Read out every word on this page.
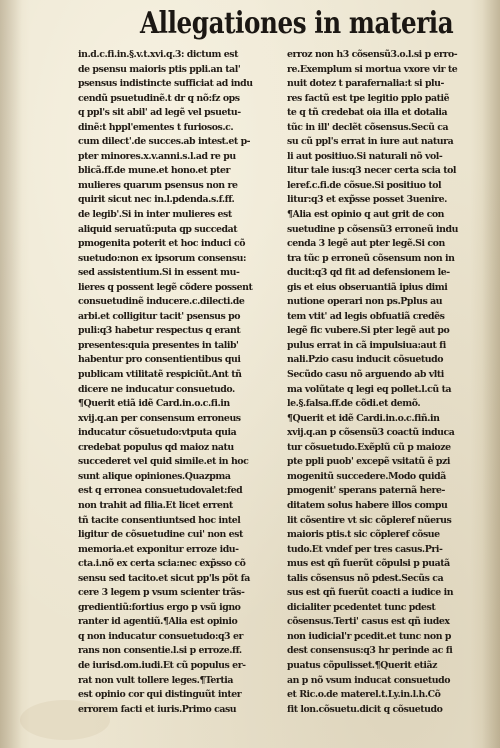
Allegationes in materia
in.d.c.fi.in.§.v.t.xvi.q.3: dictum est
de psensu maioris ptis ppli.an tal'
psensus indistincte sufficiat ad indu
cendũ psuetudinẽ.t dr q nõ:fz ops
q ppl's sit abil' ad legẽ vel psuetu-
dinẽ:t hppl'ementes t furiosos.c.
cum dilect'.de succes.ab intest.et p-
pter minores.x.v.anni.s.l.ad re pu
blicã.ff.de mune.et hono.et pter
mulieres quarum psensus non re
quirit sicut nec in.l.pdenda.s.f.ff.
de legib'.Si in inter mulieres est
aliquid seruatũ:puta qp succedat
pmogenita poterit et hoc induci cõ
suetudo:non ex ipsorum consensu:
sed assistentium.Si in essent mu-
lieres q possent legẽ cõdere possent
consuetudinẽ inducere.c.dilecti.de
arbi.et colligitur tacit' psensus po
puli:q3 habetur respectus q erant
presentes:quia presentes in talib'
habentur pro consentientibus qui
publicam vtilitatẽ respiciũt.Ant tñ
dicere ne inducatur consuetudo.
¶Querit etiã idẽ Card.in.o.c.fi.in
xvij.q.an per consensum erroneus
inducatur cõsuetudo:vtputa quia
credebat populus qd maioz natu
succederet vel quid simile.et in hoc
sunt alique opiniones.Quazpma
est q erronea consuetudovalet:fed
non trahit ad filia.Et licet errent
tñ tacite consentiuntsed hoc intel
ligitur de cõsuetudine cui' non est
memoria.et exponitur erroze idu-
cta.i.nõ ex certa scia:nec exp̃sso cõ
sensu sed tacito.et sicut pp'ls põt fa
cere 3 legem p vsum scienter trãs-
gredientiũ:fortius ergo p vsũ igno
ranter id agentiũ.¶Alia est opinio
q non inducatur consuetudo:q3 er
rans non consentie.l.si p erroze.ff.
de iurisd.om.iudi.Et cũ populus er-
rat non vult tollere leges.¶Tertia
est opinio cor qui distinguũt inter
errorem facti et iuris.Primo casu
erroz non h3 cõsensũ3.o.l.si p erro-
re.Exemplum si mortua vxore vir te
nuit dotez t parafernalia:t si plu-
res factũ est tpe legitio pplo patiẽ
te q tñ credebat oia illa et dotalia
tũc in ill' declẽt cõsensus.Secũ ca
su cũ ppl's errat in iure aut natura
li aut positiuo.Si naturali nõ vol-
litur tale ius:q3 necer certa scia tol
leref.c.fi.de cõsue.Si positiuo tol
litur:q3 et exp̃sse posset 3uenire.
¶Alia est opinio q aut grit de con
suetudine p cõsensũ3 erroneũ indu
cenda 3 legẽ aut pter legẽ.Si con
tra tũc p erroneũ cõsensum non in
ducit:q3 qd fit ad defensionem le-
gis et eius obseruantiã ipius dimi
nutione operari non ps.Pplus au
tem vtit' ad legis obfuatiã credẽs
legẽ fic vubere.Si pter legẽ aut po
pulus errat in cã impulsiua:aut fi
nali.Pzio casu inducit cõsuetudo
Secũdo casu nõ arguendo ab vlti
ma volũtate q legi eq pollet.l.cũ ta
le.§.falsa.ff.de cõdi.et demõ.
¶Querit et idẽ Cardi.in.o.c.fiñ.in
xvij.q.an p cõsensũ3 coactũ induca
tur cõsuetudo.Exẽplũ cũ p maioze
pte ppli puob' excepẽ vsitatũ ẽ pzi
mogenitũ succedere.Modo quidã
pmogenit' sperans paternã here-
ditatem solus habere illos compu
lit cõsentire vt sic cõpleref nũerus
maioris ptis.t sic cõpleref cõsue
tudo.Et vndef per tres casus.Pri-
mus est qñ fuerũt cõpulsi p puatã
talis cõsensus nõ pdest.Secũs ca
sus est qñ fuerũt coacti a iudice in
dicialiter pcedentet tunc pdest
cõsensus.Terti' casus est qñ iudex
non iudicial'r pcedit.et tunc non p
dest consensus:q3 hr perinde ac fi
puatus cõpulisset.¶Querit etiãz
an p nõ vsum inducat consuetudo
et Ric.o.de materel.t.Ly.in.l.h.Cõ
fit lon.cõsuetu.dicit q cõsuetudo
